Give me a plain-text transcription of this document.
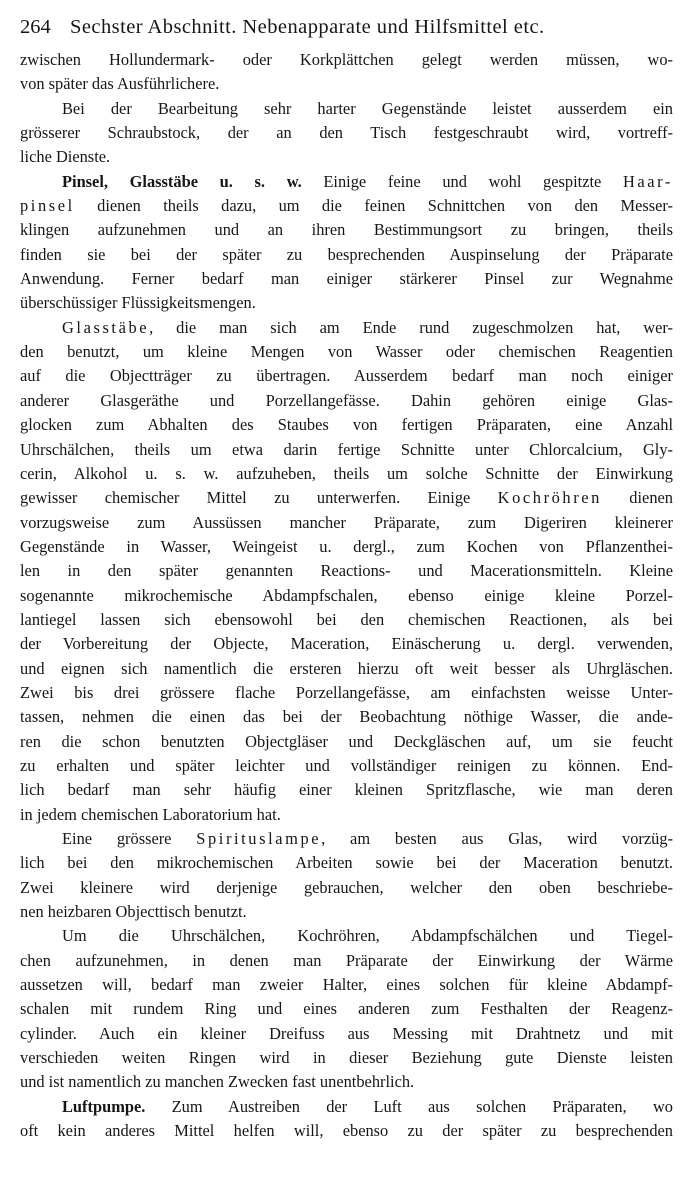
264 Sechster Abschnitt. Nebenapparate und Hilfsmittel etc.
zwischen Hollundermark- oder Korkplättchen gelegt werden müssen, wo-
von später das Ausführlichere.
Bei der Bearbeitung sehr harter Gegenstände leistet ausserdem ein
grösserer Schraubstock, der an den Tisch festgeschraubt wird, vortreff-
liche Dienste.
Pinsel, Glasstäbe u. s. w. Einige feine und wohl gespitzte Haar-
pinsel dienen theils dazu, um die feinen Schnittchen von den Messer-
klingen aufzunehmen und an ihren Bestimmungsort zu bringen, theils
finden sie bei der später zu besprechenden Auspinselung der Präparate
Anwendung. Ferner bedarf man einiger stärkerer Pinsel zur Wegnahme
überschüssiger Flüssigkeitsmengen.
Glasstäbe, die man sich am Ende rund zugeschmolzen hat, wer-
den benutzt, um kleine Mengen von Wasser oder chemischen Reagentien
auf die Objectträger zu übertragen. Ausserdem bedarf man noch einiger
anderer Glasgeräthe und Porzellangefässe. Dahin gehören einige Glas-
glocken zum Abhalten des Staubes von fertigen Präparaten, eine Anzahl
Uhrschälchen, theils um etwa darin fertige Schnitte unter Chlorcalcium, Gly-
cerin, Alkohol u. s. w. aufzuheben, theils um solche Schnitte der Einwirkung
gewisser chemischer Mittel zu unterwerfen. Einige Kochröhren dienen
vorzugsweise zum Aussüssen mancher Präparate, zum Digeriren kleinerer
Gegenstände in Wasser, Weingeist u. dergl., zum Kochen von Pflanzenthei-
len in den später genannten Reactions- und Macerationsmitteln. Kleine
sogenannte mikrochemische Abdampfschalen, ebenso einige kleine Porzel-
lantiegel lassen sich ebensowohl bei den chemischen Reactionen, als bei
der Vorbereitung der Objecte, Maceration, Einäscherung u. dergl. verwenden,
und eignen sich namentlich die ersteren hierzu oft weit besser als Uhrgläschen.
Zwei bis drei grössere flache Porzellangefässe, am einfachsten weisse Unter-
tassen, nehmen die einen das bei der Beobachtung nöthige Wasser, die ande-
ren die schon benutzten Objectgläser und Deckgläschen auf, um sie feucht
zu erhalten und später leichter und vollständiger reinigen zu können. End-
lich bedarf man sehr häufig einer kleinen Spritzflasche, wie man deren
in jedem chemischen Laboratorium hat.
Eine grössere Spirituslampe, am besten aus Glas, wird vorzüg-
lich bei den mikrochemischen Arbeiten sowie bei der Maceration benutzt.
Zwei kleinere wird derjenige gebrauchen, welcher den oben beschriebe-
nen heizbaren Objecttisch benutzt.
Um die Uhrschälchen, Kochröhren, Abdampfschälchen und Tiegel-
chen aufzunehmen, in denen man Präparate der Einwirkung der Wärme
aussetzen will, bedarf man zweier Halter, eines solchen für kleine Abdampf-
schalen mit rundem Ring und eines anderen zum Festhalten der Reagenz-
cylinder. Auch ein kleiner Dreifuss aus Messing mit Drahtnetz und mit
verschieden weiten Ringen wird in dieser Beziehung gute Dienste leisten
und ist namentlich zu manchen Zwecken fast unentbehrlich.
Luftpumpe. Zum Austreiben der Luft aus solchen Präparaten, wo
oft kein anderes Mittel helfen will, ebenso zu der später zu besprechenden
